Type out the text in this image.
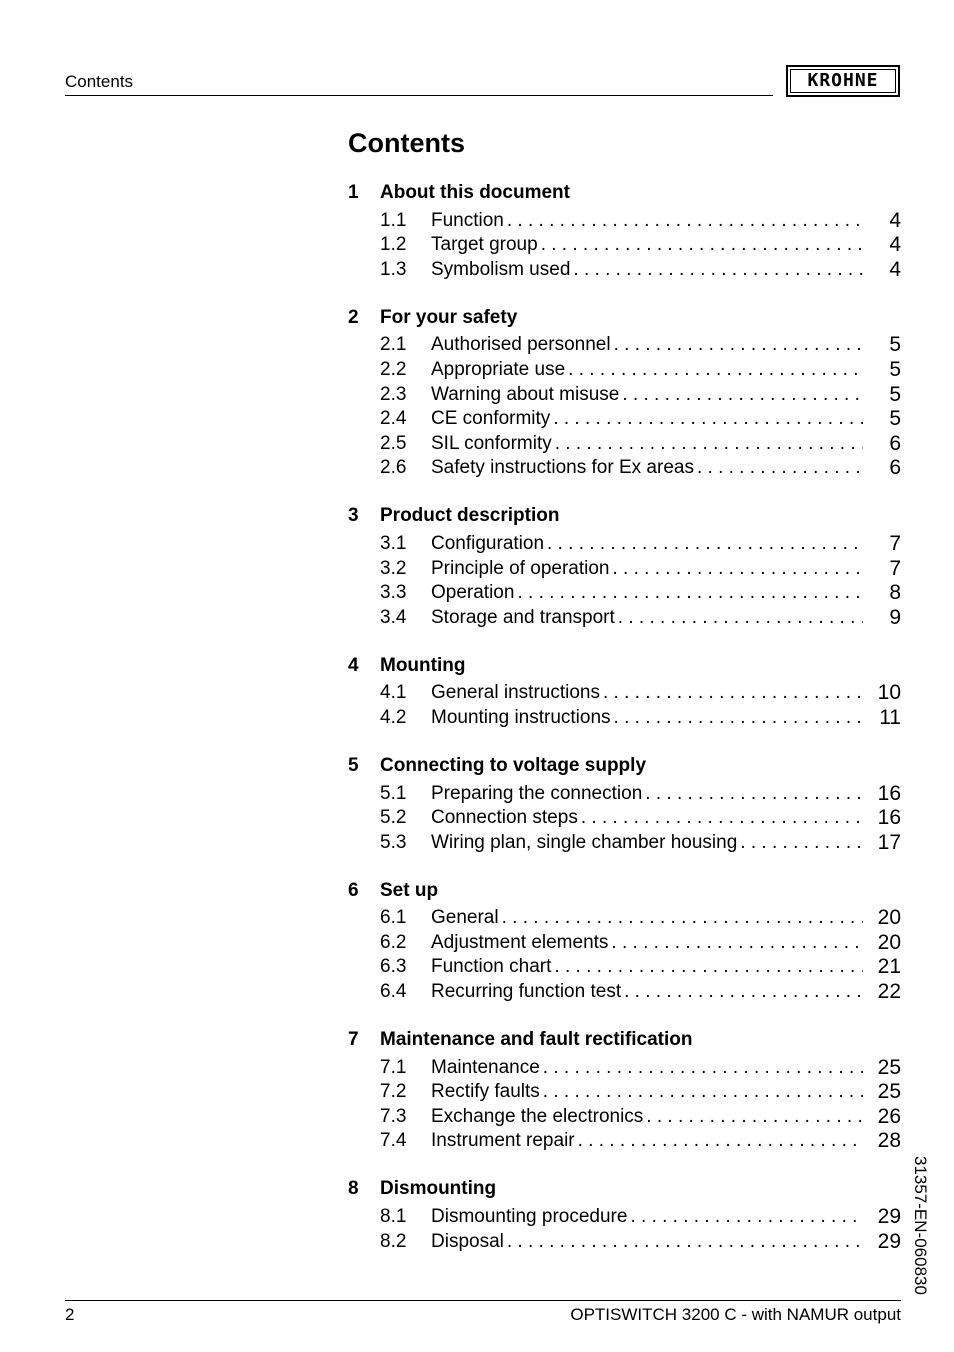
Contents	KROHNE
Contents
1	About this document
1.1	Function . . .	4
1.2	Target group . . .	4
1.3	Symbolism used . . .	4
2	For your safety
2.1	Authorised personnel . . .	5
2.2	Appropriate use . . .	5
2.3	Warning about misuse . . .	5
2.4	CE conformity . . .	5
2.5	SIL conformity . . .	6
2.6	Safety instructions for Ex areas . . .	6
3	Product description
3.1	Configuration . . .	7
3.2	Principle of operation . . .	7
3.3	Operation . . .	8
3.4	Storage and transport . . .	9
4	Mounting
4.1	General instructions . . .	10
4.2	Mounting instructions . . .	11
5	Connecting to voltage supply
5.1	Preparing the connection . . .	16
5.2	Connection steps . . .	16
5.3	Wiring plan, single chamber housing . . .	17
6	Set up
6.1	General . . .	20
6.2	Adjustment elements . . .	20
6.3	Function chart . . .	21
6.4	Recurring function test . . .	22
7	Maintenance and fault rectification
7.1	Maintenance . . .	25
7.2	Rectify faults . . .	25
7.3	Exchange the electronics . . .	26
7.4	Instrument repair . . .	28
8	Dismounting
8.1	Dismounting procedure . . .	29
8.2	Disposal . . .	29
2	OPTISWITCH 3200 C - with NAMUR output
31357-EN-060830
